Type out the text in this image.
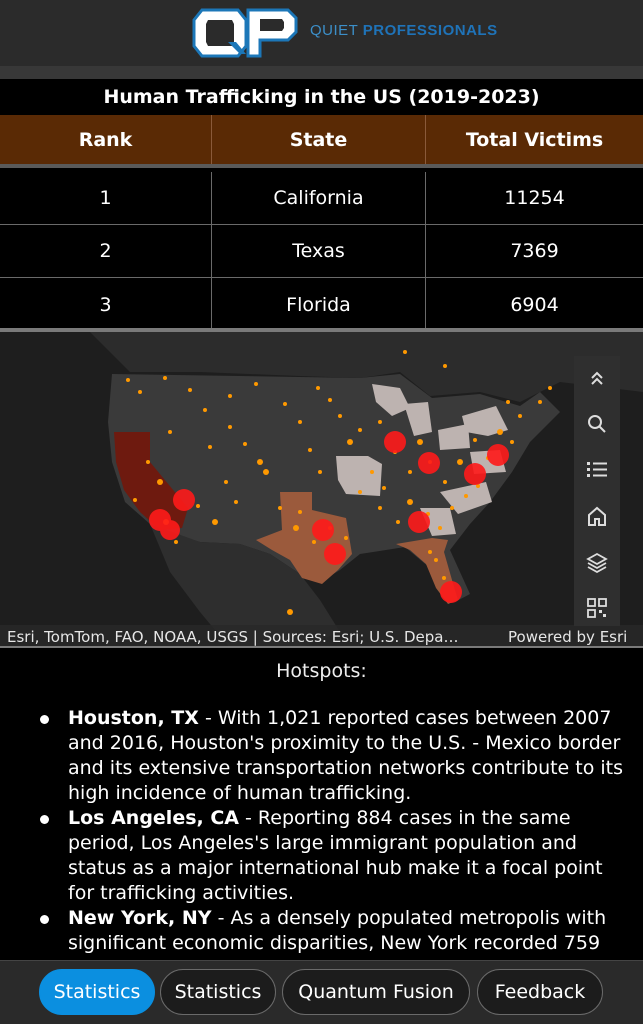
QUIET PROFESSIONALS
Human Trafficking in the US (2019-2023)
Rank	State	Total Victims
1	California	11254
2	Texas	7369
3	Florida	6904
Esri, TomTom, FAO, NOAA, USGS | Sources: Esri; U.S. Depa…	Powered by Esri
Hotspots:
Houston, TX - With 1,021 reported cases between 2007 and 2016, Houston's proximity to the U.S. - Mexico border and its extensive transportation networks contribute to its high incidence of human trafficking.
Los Angeles, CA - Reporting 884 cases in the same period, Los Angeles's large immigrant population and status as a major international hub make it a focal point for trafficking activities.
New York, NY - As a densely populated metropolis with significant economic disparities, New York recorded 759
Statistics	Statistics	Quantum Fusion	Feedback
